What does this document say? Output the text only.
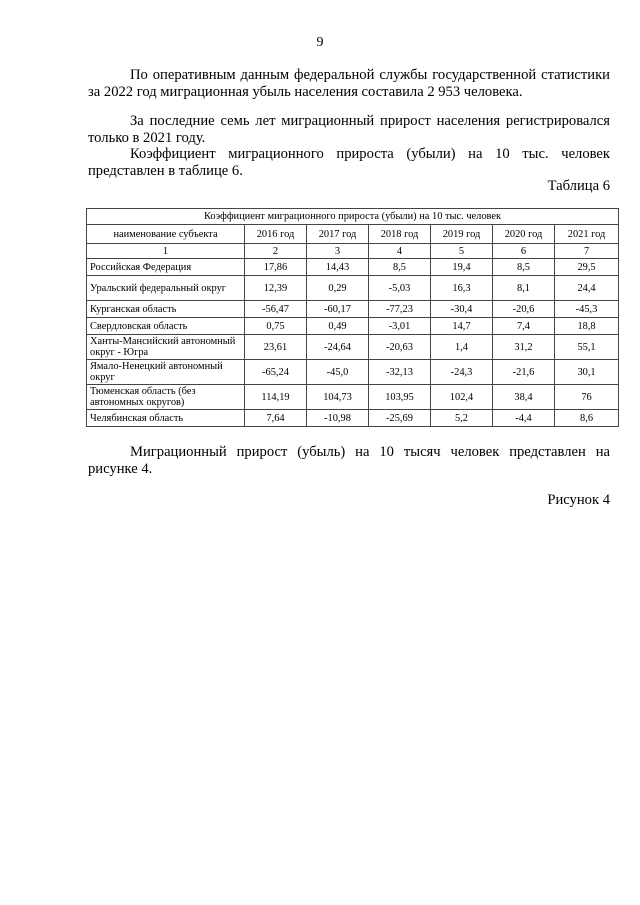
9

По оперативным данным федеральной службы государственной статистики за 2022 год миграционная убыль населения составила 2 953 человека.

За последние семь лет миграционный прирост населения регистрировался только в 2021 году.

Коэффициент миграционного прироста (убыли) на 10 тыс. человек представлен в таблице 6.

Таблица 6
Коэффициент миграционного прироста (убыли) на 10 тыс. человек						
наименование субъекта	2016 год	2017 год	2018 год	2019 год	2020 год	2021 год
1	2	3	4	5	6	7
Российская Федерация	17,86	14,43	8,5	19,4	8,5	29,5
Уральский федеральный округ	12,39	0,29	-5,03	16,3	8,1	24,4
Курганская область	-56,47	-60,17	-77,23	-30,4	-20,6	-45,3
Свердловская область	0,75	0,49	-3,01	14,7	7,4	18,8
Ханты-Мансийский автономный округ - Югра	23,61	-24,64	-20,63	1,4	31,2	55,1
Ямало-Ненецкий автономный округ	-65,24	-45,0	-32,13	-24,3	-21,6	30,1
Тюменская область (без автономных округов)	114,19	104,73	103,95	102,4	38,4	76
Челябинская область	7,64	-10,98	-25,69	5,2	-4,4	8,6

Миграционный прирост (убыль) на 10 тысяч человек представлен на рисунке 4.

Рисунок 4
